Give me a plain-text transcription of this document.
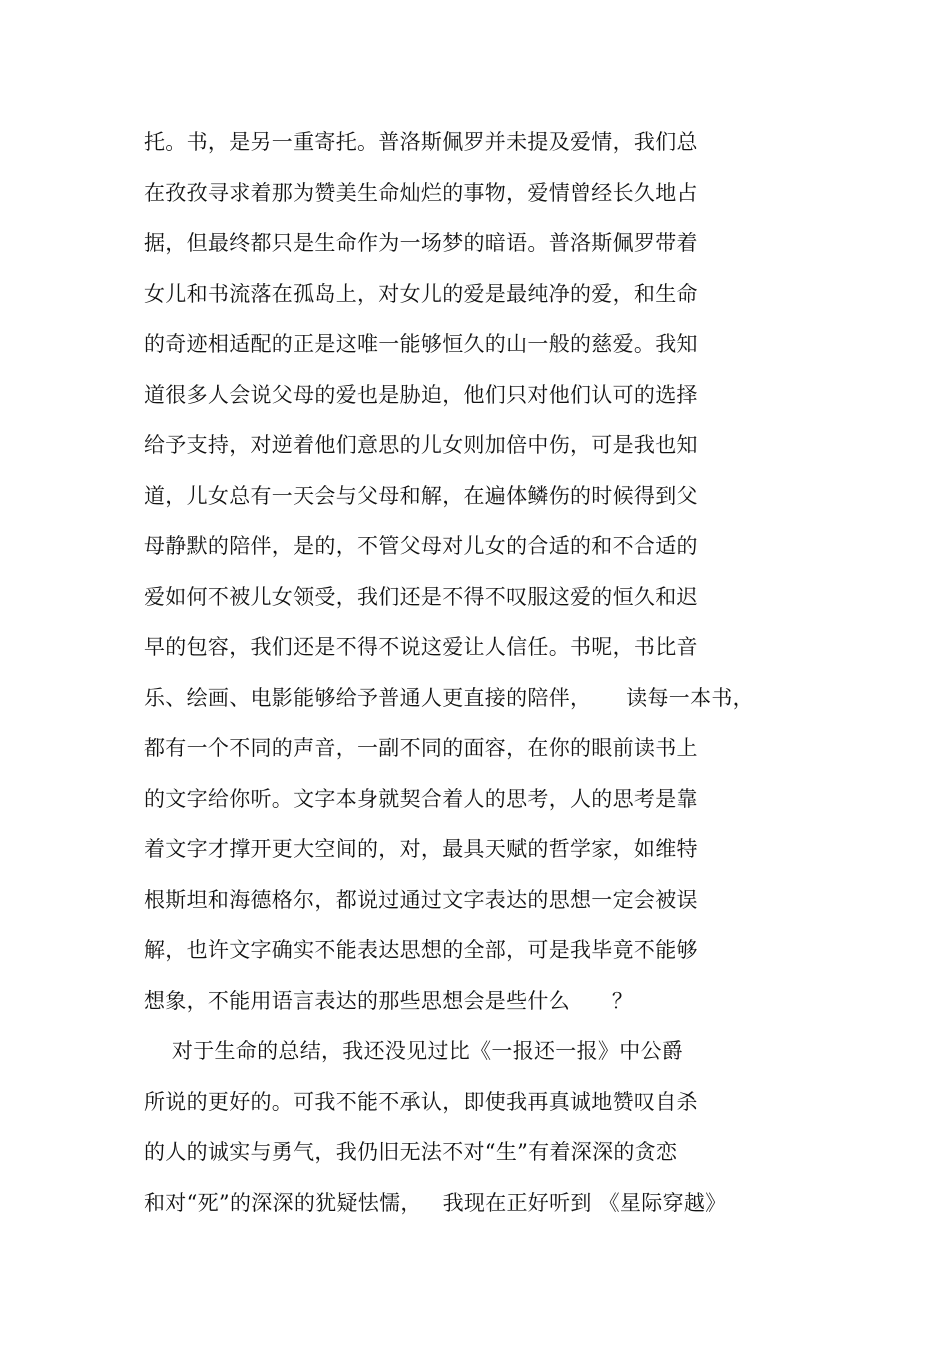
托。书，是另一重寄托。普洛斯佩罗并未提及爱情，我们总
在孜孜寻求着那为赞美生命灿烂的事物，爱情曾经长久地占
据，但最终都只是生命作为一场梦的暗语。普洛斯佩罗带着
女儿和书流落在孤岛上，对女儿的爱是最纯净的爱，和生命
的奇迹相适配的正是这唯一能够恒久的山一般的慈爱。我知
道很多人会说父母的爱也是胁迫，他们只对他们认可的选择
给予支持，对逆着他们意思的儿女则加倍中伤，可是我也知
道，儿女总有一天会与父母和解，在遍体鳞伤的时候得到父
母静默的陪伴，是的，不管父母对儿女的合适的和不合适的
爱如何不被儿女领受，我们还是不得不叹服这爱的恒久和迟
早的包容，我们还是不得不说这爱让人信任。书呢，书比音
乐、绘画、电影能够给予普通人更直接的陪伴，     读每一本书，
都有一个不同的声音，一副不同的面容，在你的眼前读书上
的文字给你听。文字本身就契合着人的思考，人的思考是靠
着文字才撑开更大空间的，对，最具天赋的哲学家，如维特
根斯坦和海德格尔，都说过通过文字表达的思想一定会被误
解，也许文字确实不能表达思想的全部，可是我毕竟不能够
想象，不能用语言表达的那些思想会是些什么      ？
对于生命的总结，我还没见过比《一报还一报》中公爵
所说的更好的。可我不能不承认，即使我再真诚地赞叹自杀
的人的诚实与勇气，我仍旧无法不对“生”有着深深的贪恋
和对“死”的深深的犹疑怯懦，   我现在正好听到 《星际穿越》
